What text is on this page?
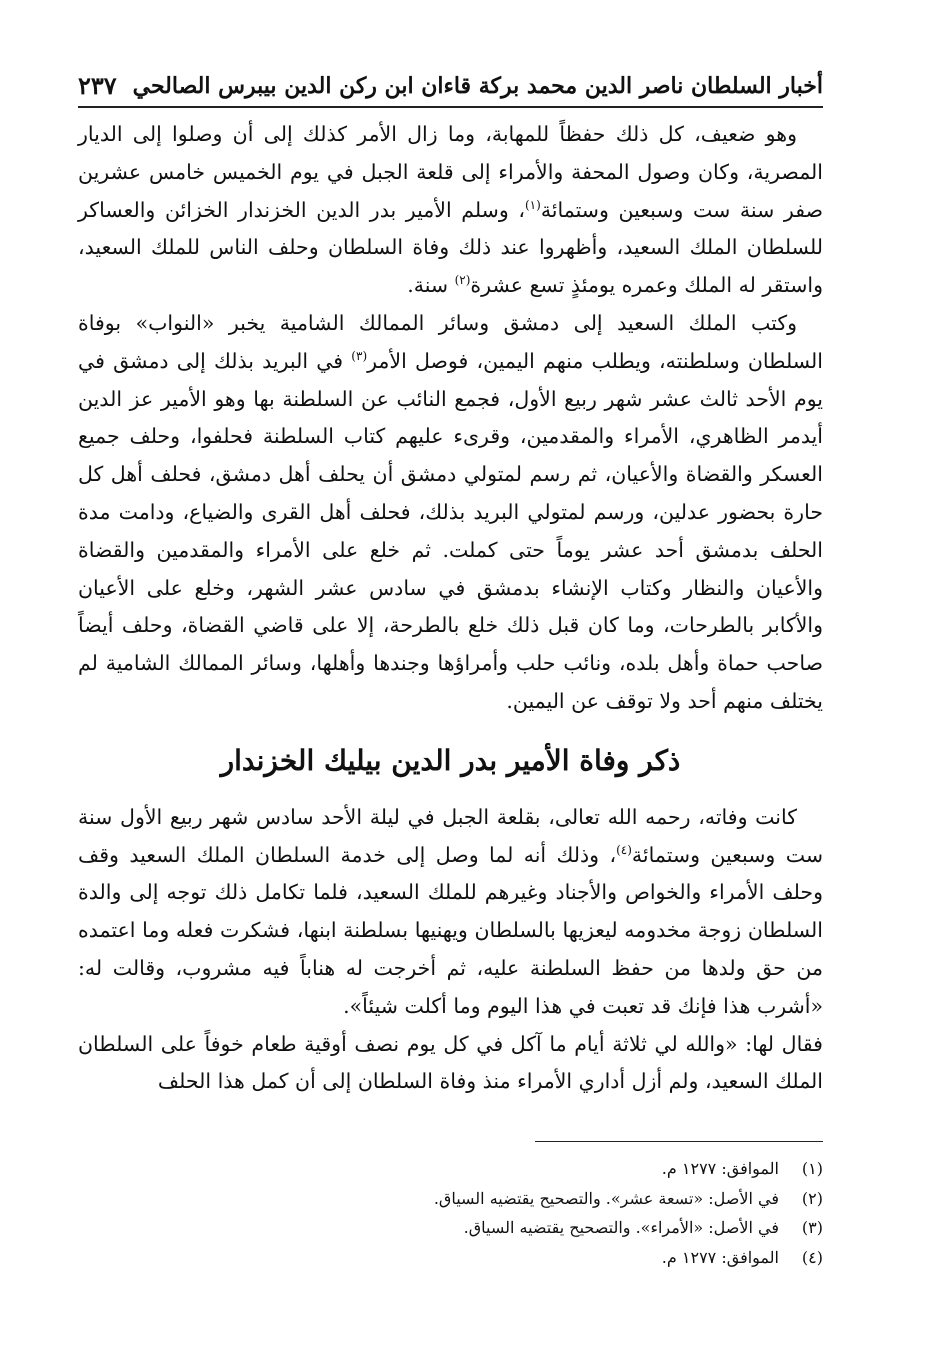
أخبار السلطان ناصر الدين محمد بركة قاءان ابن ركن الدين بيبرس الصالحي
٢٣٧

وهو ضعيف، كل ذلك حفظاً للمهابة، وما زال الأمر كذلك إلى أن وصلوا إلى الديار المصرية، وكان وصول المحفة والأمراء إلى قلعة الجبل في يوم الخميس خامس عشرين صفر سنة ست وسبعين وستمائة$^{(١)}$، وسلم الأمير بدر الدين الخزندار الخزائن والعساكر للسلطان الملك السعيد، وأظهروا عند ذلك وفاة السلطان وحلف الناس للملك السعيد، واستقر له الملك وعمره يومئذٍ تسع عشرة$^{(٢)}$ سنة.

وكتب الملك السعيد إلى دمشق وسائر الممالك الشامية يخبر «النواب» بوفاة السلطان وسلطنته، ويطلب منهم اليمين، فوصل الأمر$^{(٣)}$ في البريد بذلك إلى دمشق في يوم الأحد ثالث عشر شهر ربيع الأول، فجمع النائب عن السلطنة بها وهو الأمير عز الدين أيدمر الظاهري، الأمراء والمقدمين، وقرىء عليهم كتاب السلطنة فحلفوا، وحلف جميع العسكر والقضاة والأعيان، ثم رسم لمتولي دمشق أن يحلف أهل دمشق، فحلف أهل كل حارة بحضور عدلين، ورسم لمتولي البريد بذلك، فحلف أهل القرى والضياع، ودامت مدة الحلف بدمشق أحد عشر يوماً حتى كملت. ثم خلع على الأمراء والمقدمين والقضاة والأعيان والنظار وكتاب الإنشاء بدمشق في سادس عشر الشهر، وخلع على الأعيان والأكابر بالطرحات، وما كان قبل ذلك خلع بالطرحة، إلا على قاضي القضاة، وحلف أيضاً صاحب حماة وأهل بلده، ونائب حلب وأمراؤها وجندها وأهلها، وسائر الممالك الشامية لم يختلف منهم أحد ولا توقف عن اليمين.

ذكر وفاة الأمير بدر الدين بيليك الخزندار

كانت وفاته، رحمه الله تعالى، بقلعة الجبل في ليلة الأحد سادس شهر ربيع الأول سنة ست وسبعين وستمائة$^{(٤)}$، وذلك أنه لما وصل إلى خدمة السلطان الملك السعيد وقف وحلف الأمراء والخواص والأجناد وغيرهم للملك السعيد، فلما تكامل ذلك توجه إلى والدة السلطان زوجة مخدومه ليعزيها بالسلطان ويهنيها بسلطنة ابنها، فشكرت فعله وما اعتمده من حق ولدها من حفظ السلطنة عليه، ثم أخرجت له هناباً فيه مشروب، وقالت له: «أشرب هذا فإنك قد تعبت في هذا اليوم وما أكلت شيئاً».

فقال لها: «والله لي ثلاثة أيام ما آكل في كل يوم نصف أوقية طعام خوفاً على السلطان الملك السعيد، ولم أزل أداري الأمراء منذ وفاة السلطان إلى أن كمل هذا الحلف

(١)الموافق: ١٢٧٧ م.
(٢)في الأصل: «تسعة عشر». والتصحيح يقتضيه السياق.
(٣)في الأصل: «الأمراء». والتصحيح يقتضيه السياق.
(٤)الموافق: ١٢٧٧ م.
